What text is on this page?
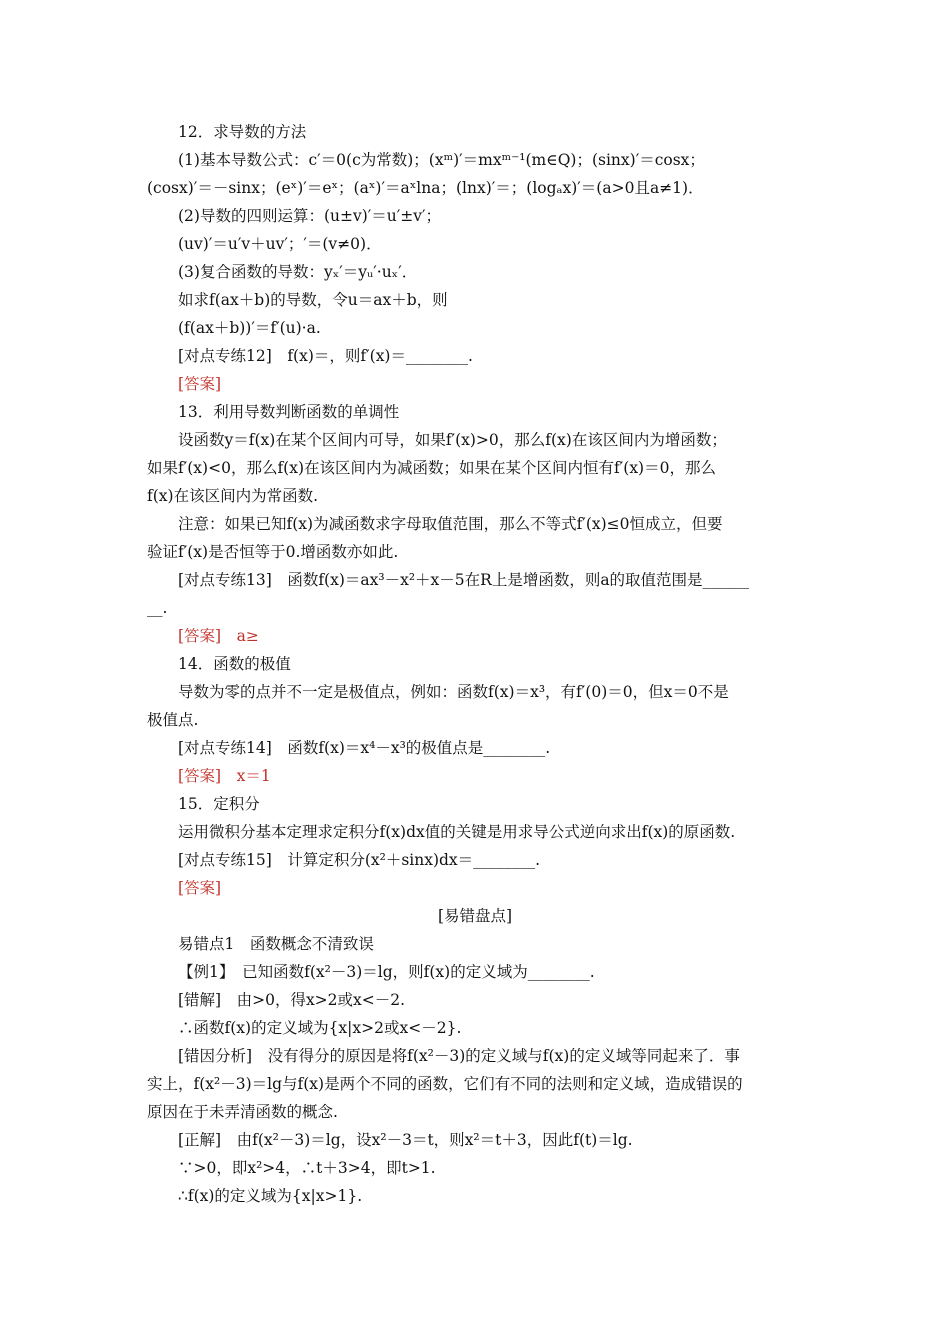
12．求导数的方法
(1)基本导数公式：c′＝0(c为常数)；(xᵐ)′＝mxᵐ⁻¹(m∈Q)；(sinx)′＝cosx；
(cosx)′＝－sinx；(eˣ)′＝eˣ；(aˣ)′＝aˣlna；(lnx)′＝；(logₐx)′＝(a>0且a≠1)．
(2)导数的四则运算：(u±v)′＝u′±v′；
(uv)′＝u′v＋uv′；′＝(v≠0)．
(3)复合函数的导数：yₓ′＝yᵤ′·uₓ′．
如求f(ax＋b)的导数，令u＝ax＋b，则
(f(ax＋b))′＝f′(u)·a.
[对点专练12]　f(x)＝，则f′(x)＝________.
[答案]
13．利用导数判断函数的单调性
设函数y＝f(x)在某个区间内可导，如果f′(x)>0，那么f(x)在该区间内为增函数；
如果f′(x)<0，那么f(x)在该区间内为减函数；如果在某个区间内恒有f′(x)＝0，那么
f(x)在该区间内为常函数.
注意：如果已知f(x)为减函数求字母取值范围，那么不等式f′(x)≤0恒成立，但要
验证f′(x)是否恒等于0.增函数亦如此.
[对点专练13]　函数f(x)＝ax³－x²＋x－5在R上是增函数，则a的取值范围是______
__.
[答案]　a≥
14．函数的极值
导数为零的点并不一定是极值点，例如：函数f(x)＝x³，有f′(0)＝0，但x＝0不是
极值点.
[对点专练14]　函数f(x)＝x⁴－x³的极值点是________.
[答案]　x＝1
15．定积分
运用微积分基本定理求定积分f(x)dx值的关键是用求导公式逆向求出f(x)的原函数.
[对点专练15]　计算定积分(x²＋sinx)dx＝________.
[答案]
[易错盘点]
易错点1　函数概念不清致误
【例1】　已知函数f(x²－3)＝lg，则f(x)的定义域为________.
[错解]　由>0，得x>2或x<－2.
∴函数f(x)的定义域为{x|x>2或x<－2}.
[错因分析]　没有得分的原因是将f(x²－3)的定义域与f(x)的定义域等同起来了．事
实上，f(x²－3)＝lg与f(x)是两个不同的函数，它们有不同的法则和定义域，造成错误的
原因在于未弄清函数的概念.
[正解]　由f(x²－3)＝lg，设x²－3＝t，则x²＝t＋3，因此f(t)＝lg.
∵>0，即x²>4，∴t＋3>4，即t>1.
∴f(x)的定义域为{x|x>1}.
